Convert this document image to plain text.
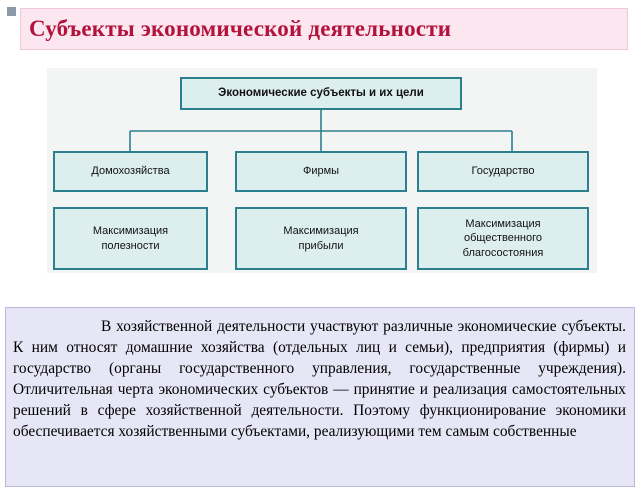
Субъекты экономической деятельности
Экономические субъекты и их цели
Домохозяйства	Фирмы	Государство
Максимизация
полезности
Максимизация
прибыли
Максимизация
общественного
благосостояния

В хозяйственной деятельности участвуют различные экономические субъекты. К ним относят домашние хозяйства (отдельных лиц и семьи), предприятия (фирмы) и государство (органы государственного управления, государственные учреждения). Отличительная черта экономических субъектов — принятие и реализация самостоятельных решений в сфере хозяйственной деятельности. Поэтому функционирование экономики обеспечивается хозяйственными субъектами, реализующими тем самым собственные
